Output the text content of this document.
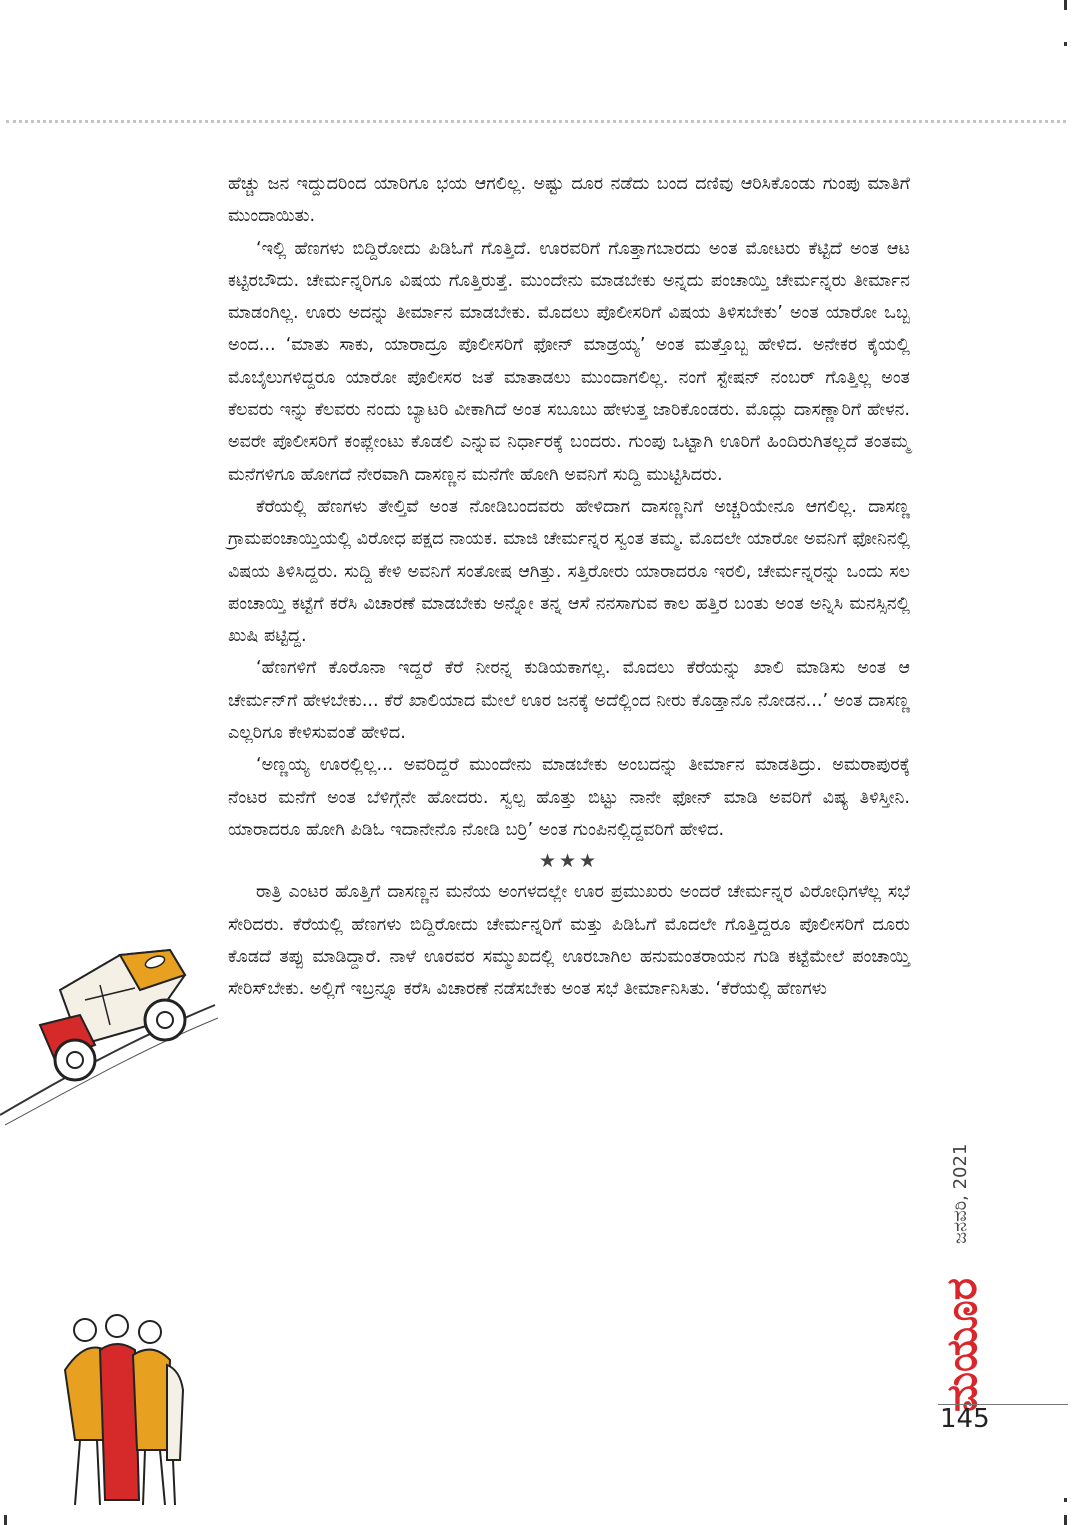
ಹೆಚ್ಚು ಜನ ಇದ್ದುದರಿಂದ ಯಾರಿಗೂ ಭಯ ಆಗಲಿಲ್ಲ. ಅಷ್ಟು ದೂರ ನಡೆದು ಬಂದ ದಣಿವು ಆರಿಸಿಕೊಂಡು ಗುಂಪು ಮಾತಿಗೆ ಮುಂದಾಯಿತು.

‘ಇಲ್ಲಿ ಹೆಣಗಳು ಬಿದ್ದಿರೋದು ಪಿಡಿಓಗೆ ಗೊತ್ತಿದೆ. ಊರವರಿಗೆ ಗೊತ್ತಾಗಬಾರದು ಅಂತ ಮೋಟರು ಕೆಟ್ಟಿದೆ ಅಂತ ಆಟ ಕಟ್ಟಿರಬೌದು. ಚೇರ್ಮನ್ನರಿಗೂ ವಿಷಯ ಗೊತ್ತಿರುತ್ತೆ. ಮುಂದೇನು ಮಾಡಬೇಕು ಅನ್ನದು ಪಂಚಾಯ್ತಿ ಚೇರ್ಮನ್ನರು ತೀರ್ಮಾನ ಮಾಡಂಗಿಲ್ಲ. ಊರು ಅದನ್ನು ತೀರ್ಮಾನ ಮಾಡಬೇಕು. ಮೊದಲು ಪೊಲೀಸರಿಗೆ ವಿಷಯ ತಿಳಿಸಬೇಕು’ ಅಂತ ಯಾರೋ ಒಬ್ಬ ಅಂದ... ‘ಮಾತು ಸಾಕು, ಯಾರಾದ್ರೂ ಪೊಲೀಸರಿಗೆ ಫೋನ್ ಮಾಡ್ರಯ್ಯ’ ಅಂತ ಮತ್ತೊಬ್ಬ ಹೇಳಿದ. ಅನೇಕರ ಕೈಯಲ್ಲಿ ಮೊಬೈಲುಗಳಿದ್ದರೂ ಯಾರೋ ಪೊಲೀಸರ ಜತೆ ಮಾತಾಡಲು ಮುಂದಾಗಲಿಲ್ಲ. ನಂಗೆ ಸ್ಟೇಷನ್ ನಂಬರ್ ಗೊತ್ತಿಲ್ಲ ಅಂತ ಕೆಲವರು ಇನ್ನು ಕೆಲವರು ನಂದು ಬ್ಯಾಟರಿ ವೀಕಾಗಿದೆ ಅಂತ ಸಬೂಬು ಹೇಳುತ್ತ ಜಾರಿಕೊಂಡರು. ಮೊದ್ಲು ದಾಸಣ್ಣಾರಿಗೆ ಹೇಳನ. ಅವರೇ ಪೊಲೀಸರಿಗೆ ಕಂಪ್ಲೇಂಟು ಕೊಡಲಿ ಎನ್ನುವ ನಿರ್ಧಾರಕ್ಕೆ ಬಂದರು. ಗುಂಪು ಒಟ್ಟಾಗಿ ಊರಿಗೆ ಹಿಂದಿರುಗಿತಲ್ಲದೆ ತಂತಮ್ಮ ಮನೆಗಳಿಗೂ ಹೋಗದೆ ನೇರವಾಗಿ ದಾಸಣ್ಣನ ಮನೆಗೇ ಹೋಗಿ ಅವನಿಗೆ ಸುದ್ದಿ ಮುಟ್ಟಿಸಿದರು.

ಕೆರೆಯಲ್ಲಿ ಹೆಣಗಳು ತೇಲ್ತಿವೆ ಅಂತ ನೋಡಿಬಂದವರು ಹೇಳಿದಾಗ ದಾಸಣ್ಣನಿಗೆ ಅಚ್ಚರಿಯೇನೂ ಆಗಲಿಲ್ಲ. ದಾಸಣ್ಣ ಗ್ರಾಮಪಂಚಾಯ್ತಿಯಲ್ಲಿ ವಿರೋಧ ಪಕ್ಷದ ನಾಯಕ. ಮಾಜಿ ಚೇರ್ಮನ್ನರ ಸ್ವಂತ ತಮ್ಮ. ಮೊದಲೇ ಯಾರೋ ಅವನಿಗೆ ಫೋನಿನಲ್ಲಿ ವಿಷಯ ತಿಳಿಸಿದ್ದರು. ಸುದ್ದಿ ಕೇಳಿ ಅವನಿಗೆ ಸಂತೋಷ ಆಗಿತ್ತು. ಸತ್ತಿರೋರು ಯಾರಾದರೂ ಇರಲಿ, ಚೇರ್ಮನ್ನರನ್ನು ಒಂದು ಸಲ ಪಂಚಾಯ್ತಿ ಕಟ್ಟೆಗೆ ಕರೆಸಿ ವಿಚಾರಣೆ ಮಾಡಬೇಕು ಅನ್ನೋ ತನ್ನ ಆಸೆ ನನಸಾಗುವ ಕಾಲ ಹತ್ತಿರ ಬಂತು ಅಂತ ಅನ್ನಿಸಿ ಮನಸ್ಸಿನಲ್ಲಿ ಖುಷಿ ಪಟ್ಟಿದ್ದ.

‘ಹೆಣಗಳಿಗೆ ಕೊರೊನಾ ಇದ್ದರೆ ಕೆರೆ ನೀರನ್ನ ಕುಡಿಯಕಾಗಲ್ಲ. ಮೊದಲು ಕೆರೆಯನ್ನು ಖಾಲಿ ಮಾಡಿಸು ಅಂತ ಆ ಚೇರ್ಮನ್‌ಗೆ ಹೇಳಬೇಕು... ಕೆರೆ ಖಾಲಿಯಾದ ಮೇಲೆ ಊರ ಜನಕ್ಕೆ ಅದೆಲ್ಲಿಂದ ನೀರು ಕೊಡ್ತಾನೊ ನೋಡನ...’ ಅಂತ ದಾಸಣ್ಣ ಎಲ್ಲರಿಗೂ ಕೇಳಿಸುವಂತೆ ಹೇಳಿದ.

‘ಅಣ್ಣಯ್ಯ ಊರಲ್ಲಿಲ್ಲ... ಅವರಿದ್ದರೆ ಮುಂದೇನು ಮಾಡಬೇಕು ಅಂಬದನ್ನು ತೀರ್ಮಾನ ಮಾಡತಿದ್ರು. ಅಮರಾಪುರಕ್ಕೆ ನೆಂಟರ ಮನೆಗೆ ಅಂತ ಬೆಳಿಗ್ಗೆನೇ ಹೋದರು. ಸ್ವಲ್ಪ ಹೊತ್ತು ಬಿಟ್ಟು ನಾನೇ ಫೋನ್ ಮಾಡಿ ಅವರಿಗೆ ವಿಷ್ಯ ತಿಳಿಸ್ತೀನಿ. ಯಾರಾದರೂ ಹೋಗಿ ಪಿಡಿಓ ಇದಾನೇನೊ ನೋಡಿ ಬರ್ರಿ’ ಅಂತ ಗುಂಪಿನಲ್ಲಿದ್ದವರಿಗೆ ಹೇಳಿದ.

★★★

ರಾತ್ರಿ ಎಂಟರ ಹೊತ್ತಿಗೆ ದಾಸಣ್ಣನ ಮನೆಯ ಅಂಗಳದಲ್ಲೇ ಊರ ಪ್ರಮುಖರು ಅಂದರೆ ಚೇರ್ಮನ್ನರ ವಿರೋಧಿಗಳೆಲ್ಲ ಸಭೆ ಸೇರಿದರು. ಕೆರೆಯಲ್ಲಿ ಹೆಣಗಳು ಬಿದ್ದಿರೋದು ಚೇರ್ಮನ್ನರಿಗೆ ಮತ್ತು ಪಿಡಿಓಗೆ ಮೊದಲೇ ಗೊತ್ತಿದ್ದರೂ ಪೊಲೀಸರಿಗೆ ದೂರು ಕೊಡದೆ ತಪ್ಪು ಮಾಡಿದ್ದಾರೆ. ನಾಳೆ ಊರವರ ಸಮ್ಮುಖದಲ್ಲಿ ಊರಬಾಗಿಲ ಹನುಮಂತರಾಯನ ಗುಡಿ ಕಟ್ಟೆಮೇಲೆ ಪಂಚಾಯ್ತಿ ಸೇರಿಸ್‌ಬೇಕು. ಅಲ್ಲಿಗೆ ಇಬ್ರನ್ನೂ ಕರೆಸಿ ವಿಚಾರಣೆ ನಡೆಸಬೇಕು ಅಂತ ಸಭೆ ತೀರ್ಮಾನಿಸಿತು. ‘ಕೆರೆಯಲ್ಲಿ ಹೆಣಗಳು

ಮಯೂರ
ಜನವರಿ, 2021
145
